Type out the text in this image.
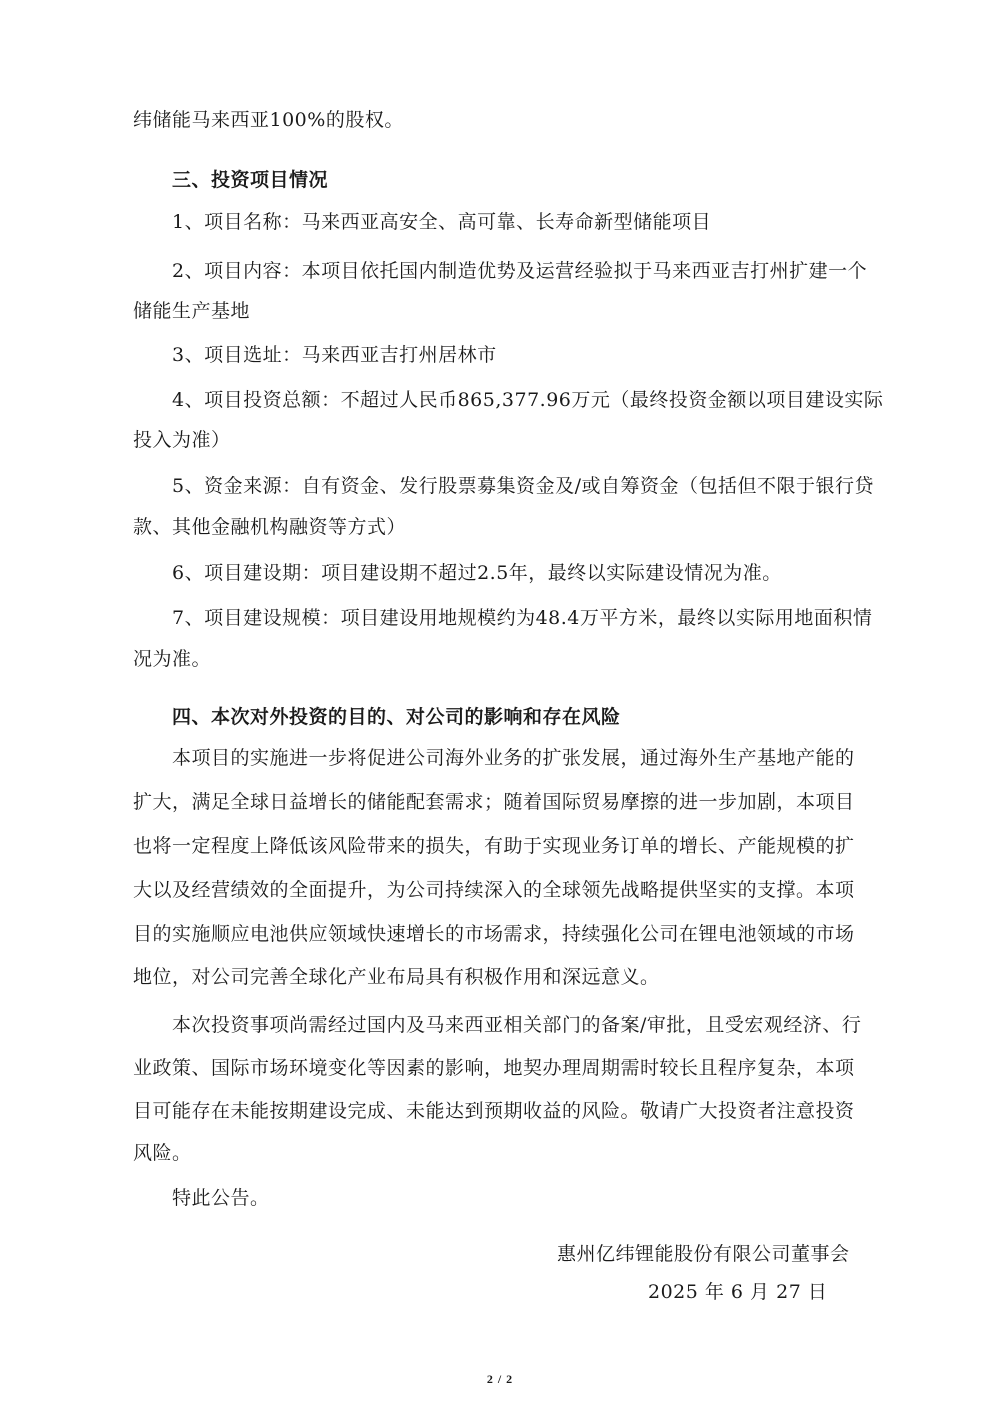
纬储能马来西亚100%的股权。
三、投资项目情况
1、项目名称：马来西亚高安全、高可靠、长寿命新型储能项目
2、项目内容：本项目依托国内制造优势及运营经验拟于马来西亚吉打州扩建一个
储能生产基地
3、项目选址：马来西亚吉打州居林市
4、项目投资总额：不超过人民币865,377.96万元（最终投资金额以项目建设实际
投入为准）
5、资金来源：自有资金、发行股票募集资金及/或自筹资金（包括但不限于银行贷
款、其他金融机构融资等方式）
6、项目建设期：项目建设期不超过2.5年，最终以实际建设情况为准。
7、项目建设规模：项目建设用地规模约为48.4万平方米，最终以实际用地面积情
况为准。
四、本次对外投资的目的、对公司的影响和存在风险
本项目的实施进一步将促进公司海外业务的扩张发展，通过海外生产基地产能的
扩大，满足全球日益增长的储能配套需求；随着国际贸易摩擦的进一步加剧，本项目
也将一定程度上降低该风险带来的损失，有助于实现业务订单的增长、产能规模的扩
大以及经营绩效的全面提升，为公司持续深入的全球领先战略提供坚实的支撑。本项
目的实施顺应电池供应领域快速增长的市场需求，持续强化公司在锂电池领域的市场
地位，对公司完善全球化产业布局具有积极作用和深远意义。
本次投资事项尚需经过国内及马来西亚相关部门的备案/审批，且受宏观经济、行
业政策、国际市场环境变化等因素的影响，地契办理周期需时较长且程序复杂，本项
目可能存在未能按期建设完成、未能达到预期收益的风险。敬请广大投资者注意投资
风险。
特此公告。
惠州亿纬锂能股份有限公司董事会
2025 年 6 月 27 日
2 / 2
